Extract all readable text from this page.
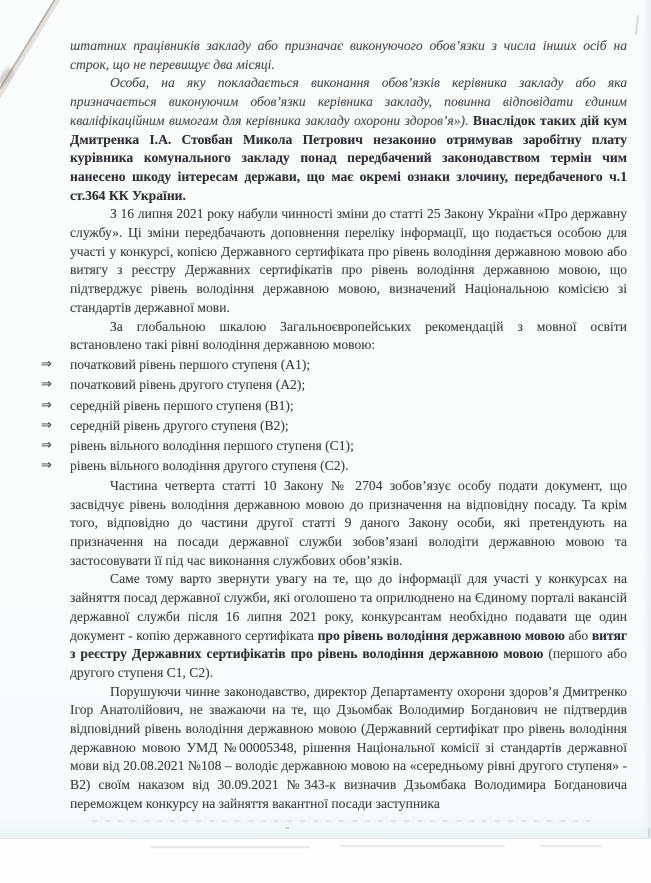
штатних працівників закладу або призначає виконуючого обов’язки з числа інших осіб на строк, що не перевищує два місяці.

Особа, на яку покладається виконання обов’язків керівника закладу або яка призначається виконуючим обов’язки керівника закладу, повинна відповідати єдиним кваліфікаційним вимогам для керівника закладу охорони здоров’я»). Внаслідок таких дій кум Дмитренка І.А. Стовбан Микола Петрович незаконно отримував заробітну плату курівника комунального закладу понад передбачений законодавством термін чим нанесено шкоду інтересам держави, що має окремі ознаки злочину, передбаченого ч.1 ст.364 КК України.

З 16 липня 2021 року набули чинності зміни до статті 25 Закону України «Про державну службу». Ці зміни передбачають доповнення переліку інформації, що подається особою для участі у конкурсі, копією Державного сертифіката про рівень володіння державною мовою або витягу з реєстру Державних сертифікатів про рівень володіння державною мовою, що підтверджує рівень володіння державною мовою, визначений Національною комісією зі стандартів державної мови.

За глобальною шкалою Загальноєвропейських рекомендацій з мовної освіти встановлено такі рівні володіння державною мовою:

⇒	початковий рівень першого ступеня (А1);
⇒	початковий рівень другого ступеня (А2);
⇒	середній рівень першого ступеня (В1);
⇒	середній рівень другого ступеня (В2);
⇒	рівень вільного володіння першого ступеня (С1);
⇒	рівень вільного володіння другого ступеня (С2).

Частина четверта статті 10 Закону № 2704 зобов’язує особу подати документ, що засвідчує рівень володіння державною мовою до призначення на відповідну посаду. Та крім того, відповідно до частини другої статті 9 даного Закону особи, які претендують на призначення на посади державної служби зобов’язані володіти державною мовою та застосовувати її під час виконання службових обов’язків.

Саме тому варто звернути увагу на те, що до інформації для участі у конкурсах на зайняття посад державної служби, які оголошено та оприлюднено на Єдиному порталі вакансій державної служби після 16 липня 2021 року, конкурсантам необхідно подавати ще один документ - копію державного сертифіката про рівень володіння державною мовою або витяг з реєстру Державних сертифікатів про рівень володіння державною мовою (першого або другого ступеня С1, С2).

Порушуючи чинне законодавство, директор Департаменту охорони здоров’я Дмитренко Ігор Анатолійович, не зважаючи на те, що Дзьомбак Володимир Богданович не підтвердив відповідний рівень володіння державною мовою (Державний сертифікат про рівень володіння державною мовою УМД №00005348, рішення Національної комісії зі стандартів державної мови від 20.08.2021 №108 – володіє державною мовою на «середньому рівні другого ступеня» - В2) своїм наказом від 30.09.2021 №343-к визначив Дзьомбака Володимира Богдановича переможцем конкурсу на зайняття вакантної посади заступника
